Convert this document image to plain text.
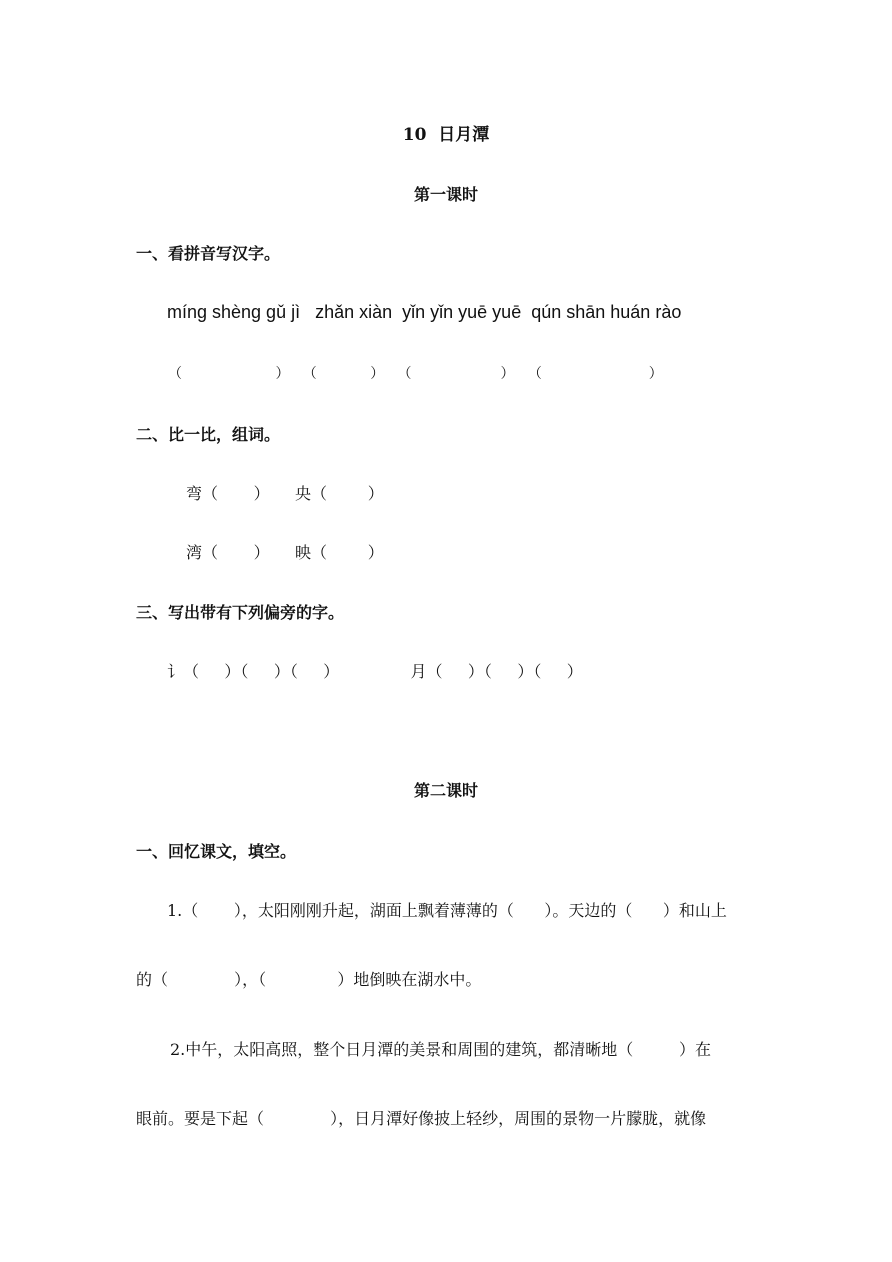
10  日月潭
第一课时
一、看拼音写汉字。
míng shèng gǔ jì   zhǎn xiàn  yǐn yǐn yuē yuē  qún shān huán rào
（                     ）   （            ）   （                    ）   （                        ）
二、比一比，组词。
弯（       ）     央（        ）
湾（       ）     映（        ）
三、写出带有下列偏旁的字。
讠（     ）（     ）（     ）              月（     ）（     ）（     ）
第二课时
一、回忆课文，填空。
1.（       ），太阳刚刚升起，湖面上飘着薄薄的（      ）。天边的（      ）和山上
的（             ），（              ）地倒映在湖水中。
2.中午，太阳高照，整个日月潭的美景和周围的建筑，都清晰地（         ）在
眼前。要是下起（             ），日月潭好像披上轻纱，周围的景物一片朦胧，就像
